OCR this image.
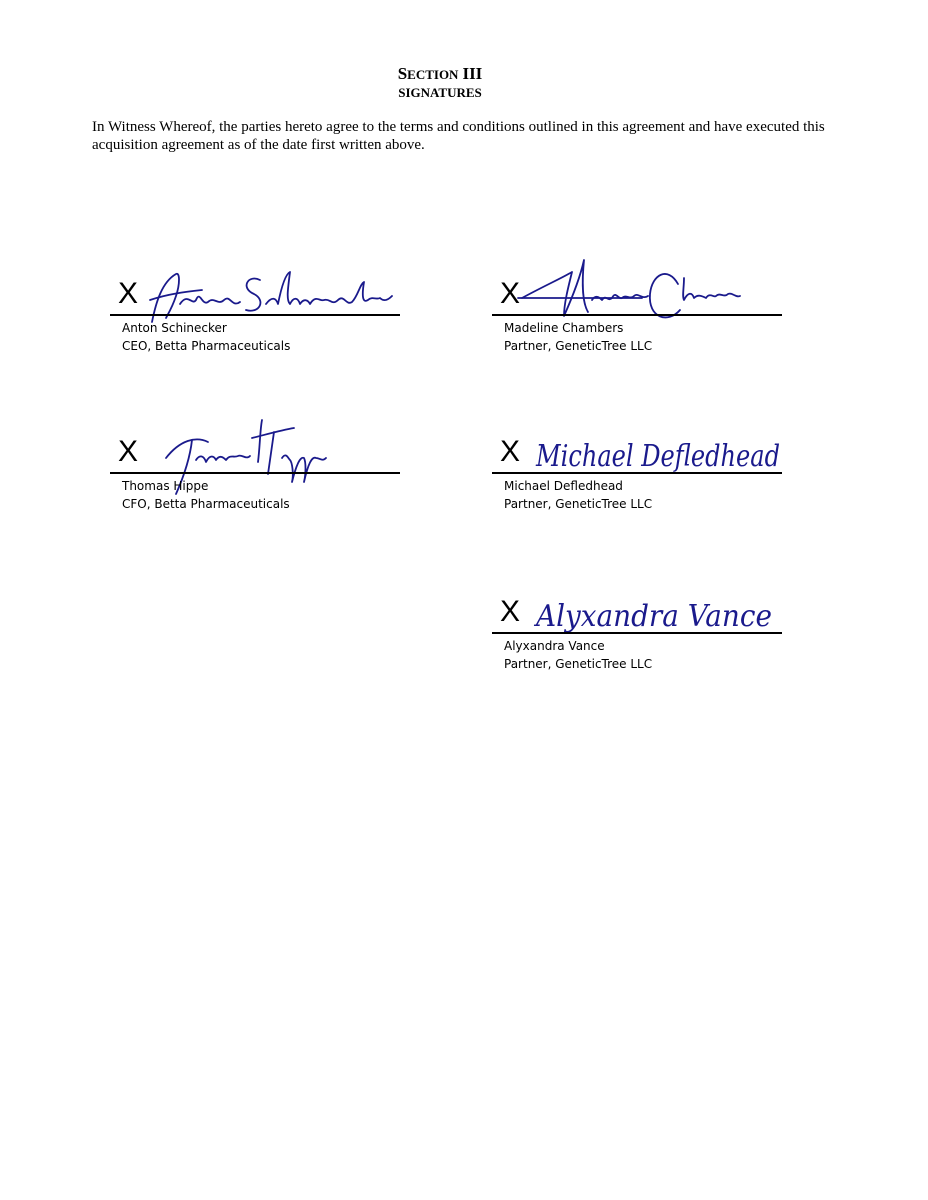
SECTION III
SIGNATURES
In Witness Whereof, the parties hereto agree to the terms and conditions outlined in this agreement and have executed this acquisition agreement as of the date first written above.
X
Anton Schinecker
CEO, Betta Pharmaceuticals
X
Madeline Chambers
Partner, GeneticTree LLC
X
Thomas Hippe
CFO, Betta Pharmaceuticals
Michael Defledhead
X
Michael Defledhead
Partner, GeneticTree LLC
Alyxandra Vance
X
Alyxandra Vance
Partner, GeneticTree LLC
